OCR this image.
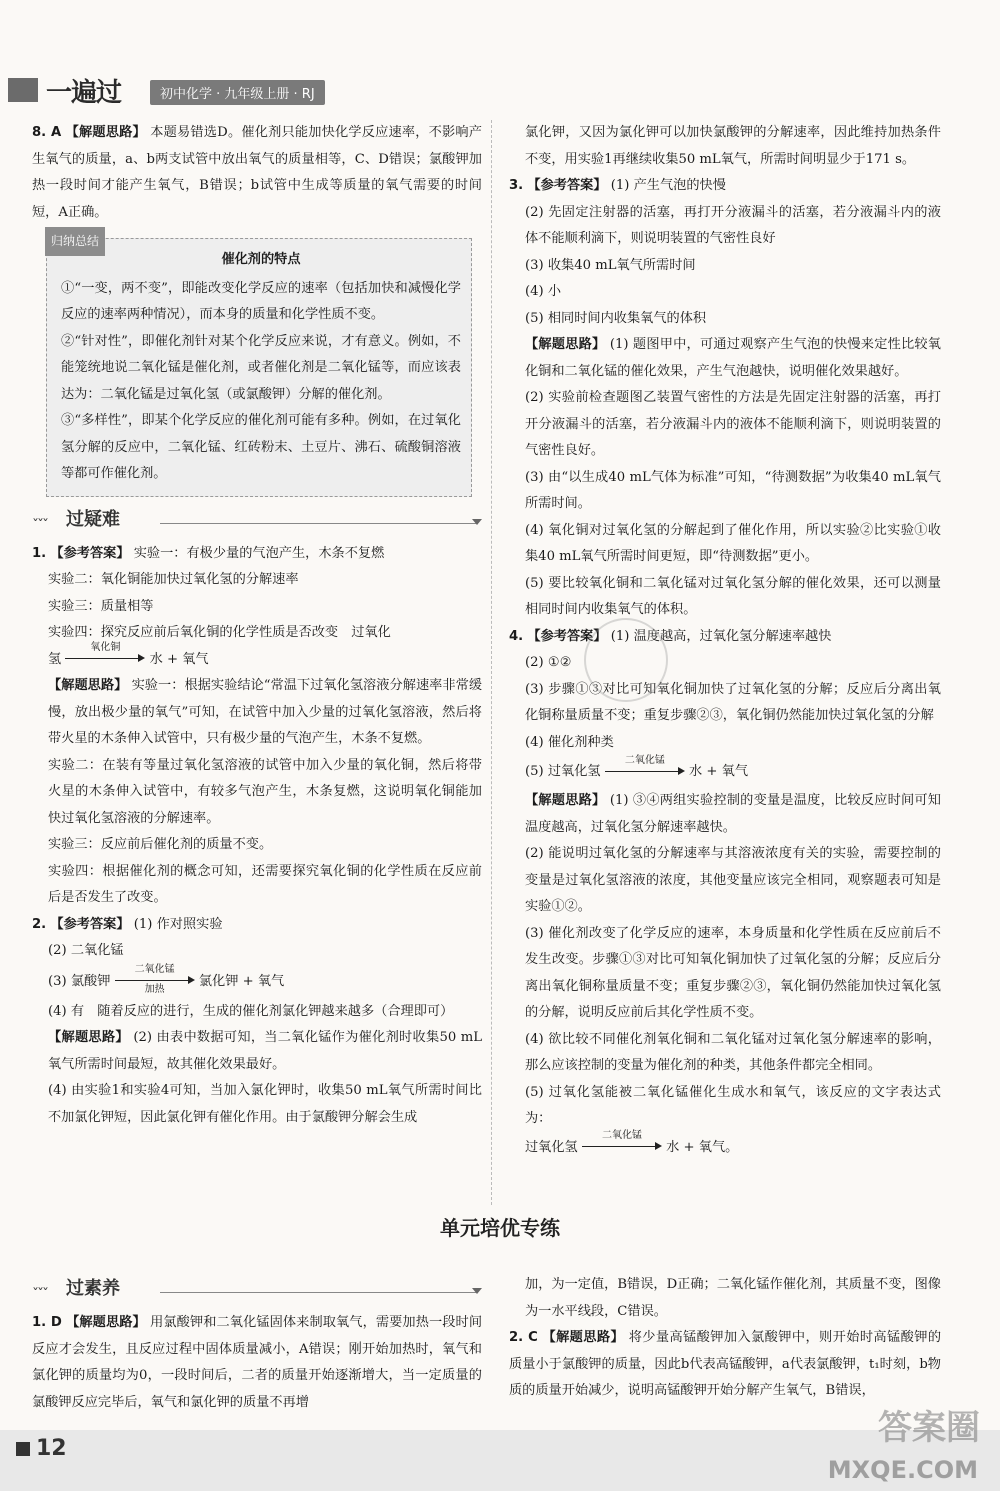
一遍过	初中化学 · 九年级上册 · RJ

8. A 【解题思路】 本题易错选D。催化剂只能加快化学反应速率，不影响产生氧气的质量，a、b两支试管中放出氧气的质量相等，C、D错误；氯酸钾加热一段时间才能产生氧气，B错误；b试管中生成等质量的氧气需要的时间短，A正确。

归纳总结
催化剂的特点

①“一变，两不变”，即能改变化学反应的速率（包括加快和减慢化学反应的速率两种情况），而本身的质量和化学性质不变。

②“针对性”，即催化剂针对某个化学反应来说，才有意义。例如，不能笼统地说二氧化锰是催化剂，或者催化剂是二氧化锰等，而应该表达为：二氧化锰是过氧化氢（或氯酸钾）分解的催化剂。

③“多样性”，即某个化学反应的催化剂可能有多种。例如，在过氧化氢分解的反应中，二氧化锰、红砖粉末、土豆片、沸石、硫酸铜溶液等都可作催化剂。

ˇˇˇ 过疑难

1. 【参考答案】 实验一：有极少量的气泡产生，木条不复燃

实验二：氧化铜能加快过氧化氢的分解速率

实验三：质量相等

实验四：探究反应前后氧化铜的化学性质是否改变　过氧化

氢
氧化铜
水 + 氧气

【解题思路】 实验一：根据实验结论“常温下过氧化氢溶液分解速率非常缓慢，放出极少量的氧气”可知，在试管中加入少量的过氧化氢溶液，然后将带火星的木条伸入试管中，只有极少量的气泡产生，木条不复燃。

实验二：在装有等量过氧化氢溶液的试管中加入少量的氧化铜，然后将带火星的木条伸入试管中，有较多气泡产生，木条复燃，这说明氧化铜能加快过氧化氢溶液的分解速率。

实验三：反应前后催化剂的质量不变。

实验四：根据催化剂的概念可知，还需要探究氧化铜的化学性质在反应前后是否发生了改变。

2. 【参考答案】 (1) 作对照实验

(2) 二氧化锰

(3) 氯酸钾
二氧化锰
加热
氯化钾 + 氧气

(4) 有　随着反应的进行，生成的催化剂氯化钾越来越多（合理即可）

【解题思路】 (2) 由表中数据可知，当二氧化锰作为催化剂时收集50 mL氧气所需时间最短，故其催化效果最好。

(4) 由实验1和实验4可知，当加入氯化钾时，收集50 mL氧气所需时间比不加氯化钾短，因此氯化钾有催化作用。由于氯酸钾分解会生成

氯化钾，又因为氯化钾可以加快氯酸钾的分解速率，因此维持加热条件不变，用实验1再继续收集50 mL氧气，所需时间明显少于171 s。

3. 【参考答案】 (1) 产生气泡的快慢

(2) 先固定注射器的活塞，再打开分液漏斗的活塞，若分液漏斗内的液体不能顺利滴下，则说明装置的气密性良好

(3) 收集40 mL氧气所需时间

(4) 小

(5) 相同时间内收集氧气的体积

【解题思路】 (1) 题图甲中，可通过观察产生气泡的快慢来定性比较氧化铜和二氧化锰的催化效果，产生气泡越快，说明催化效果越好。

(2) 实验前检查题图乙装置气密性的方法是先固定注射器的活塞，再打开分液漏斗的活塞，若分液漏斗内的液体不能顺利滴下，则说明装置的气密性良好。

(3) 由“以生成40 mL气体为标准”可知，“待测数据”为收集40 mL氧气所需时间。

(4) 氧化铜对过氧化氢的分解起到了催化作用，所以实验②比实验①收集40 mL氧气所需时间更短，即“待测数据”更小。

(5) 要比较氧化铜和二氧化锰对过氧化氢分解的催化效果，还可以测量相同时间内收集氧气的体积。

4. 【参考答案】 (1) 温度越高，过氧化氢分解速率越快

(2) ①②

(3) 步骤①③对比可知氧化铜加快了过氧化氢的分解；反应后分离出氧化铜称量质量不变；重复步骤②③，氧化铜仍然能加快过氧化氢的分解

(4) 催化剂种类

(5) 过氧化氢
二氧化锰
水 + 氧气

【解题思路】 (1) ③④两组实验控制的变量是温度，比较反应时间可知温度越高，过氧化氢分解速率越快。

(2) 能说明过氧化氢的分解速率与其溶液浓度有关的实验，需要控制的变量是过氧化氢溶液的浓度，其他变量应该完全相同，观察题表可知是实验①②。

(3) 催化剂改变了化学反应的速率，本身质量和化学性质在反应前后不发生改变。步骤①③对比可知氧化铜加快了过氧化氢的分解；反应后分离出氧化铜称量质量不变；重复步骤②③，氧化铜仍然能加快过氧化氢的分解，说明反应前后其化学性质不变。

(4) 欲比较不同催化剂氧化铜和二氧化锰对过氧化氢分解速率的影响，那么应该控制的变量为催化剂的种类，其他条件都完全相同。

(5) 过氧化氢能被二氧化锰催化生成水和氧气，该反应的文字表达式为：

过氧化氢
二氧化锰
水 + 氧气。

单元培优专练
ˇˇˇ 过素养

1. D 【解题思路】 用氯酸钾和二氧化锰固体来制取氧气，需要加热一段时间反应才会发生，且反应过程中固体质量减小，A错误；刚开始加热时，氧气和氯化钾的质量均为0，一段时间后，二者的质量开始逐渐增大，当一定质量的氯酸钾反应完毕后，氧气和氯化钾的质量不再增

加，为一定值，B错误，D正确；二氧化锰作催化剂，其质量不变，图像为一水平线段，C错误。

2. C 【解题思路】 将少量高锰酸钾加入氯酸钾中，则开始时高锰酸钾的质量小于氯酸钾的质量，因此b代表高锰酸钾，a代表氯酸钾，t₁时刻，b物质的质量开始减少，说明高锰酸钾开始分解产生氧气，B错误，

12
答案圈
MXQE.COM
